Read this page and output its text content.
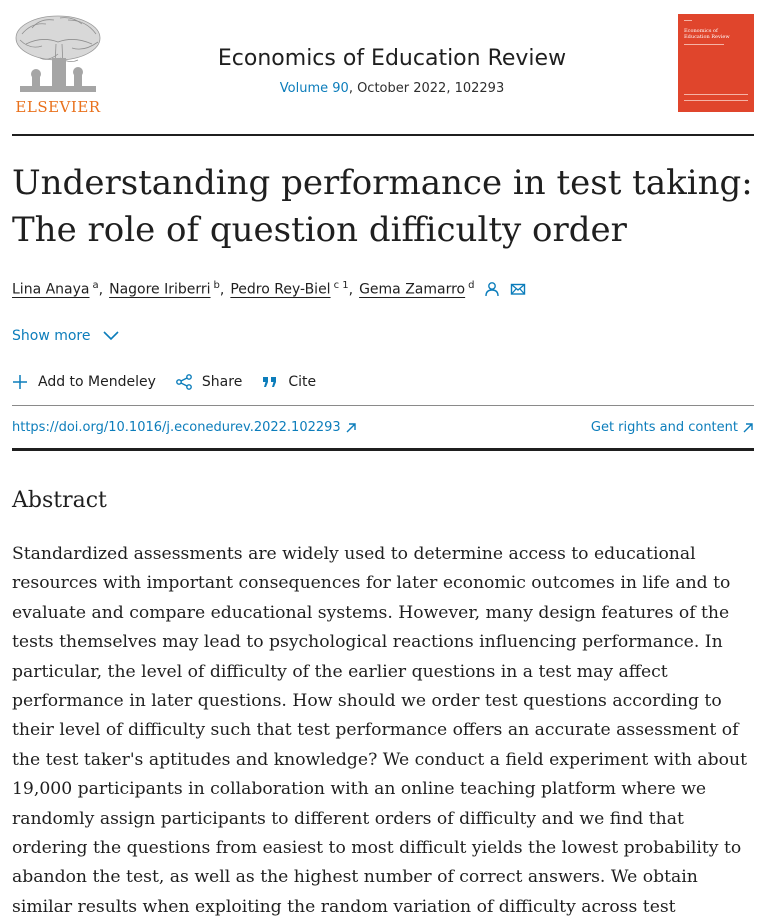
ELSEVIER
Economics of Education Review
Volume 90, October 2022, 102293
Economics of Education Review
Understanding performance in test taking:
The role of question difficulty order
Lina Anaya $^a$ , Nagore Iriberri $^b$ , Pedro Rey-Biel $^{c 1}$ , Gema Zamarro $^d$
Show more
Add to Mendeley	Share	Cite
https://doi.org/10.1016/j.econedurev.2022.102293	Get rights and content
Abstract

Standardized assessments are widely used to determine access to educational resources with important consequences for later economic outcomes in life and to evaluate and compare educational systems. However, many design features of the tests themselves may lead to psychological reactions influencing performance. In particular, the level of difficulty of the earlier questions in a test may affect performance in later questions. How should we order test questions according to their level of difficulty such that test performance offers an accurate assessment of the test taker's aptitudes and knowledge? We conduct a field experiment with about 19,000 participants in collaboration with an online teaching platform where we randomly assign participants to different orders of difficulty and we find that ordering the questions from easiest to most difficult yields the lowest probability to abandon the test, as well as the highest number of correct answers. We obtain similar results when exploiting the random variation of difficulty across test
